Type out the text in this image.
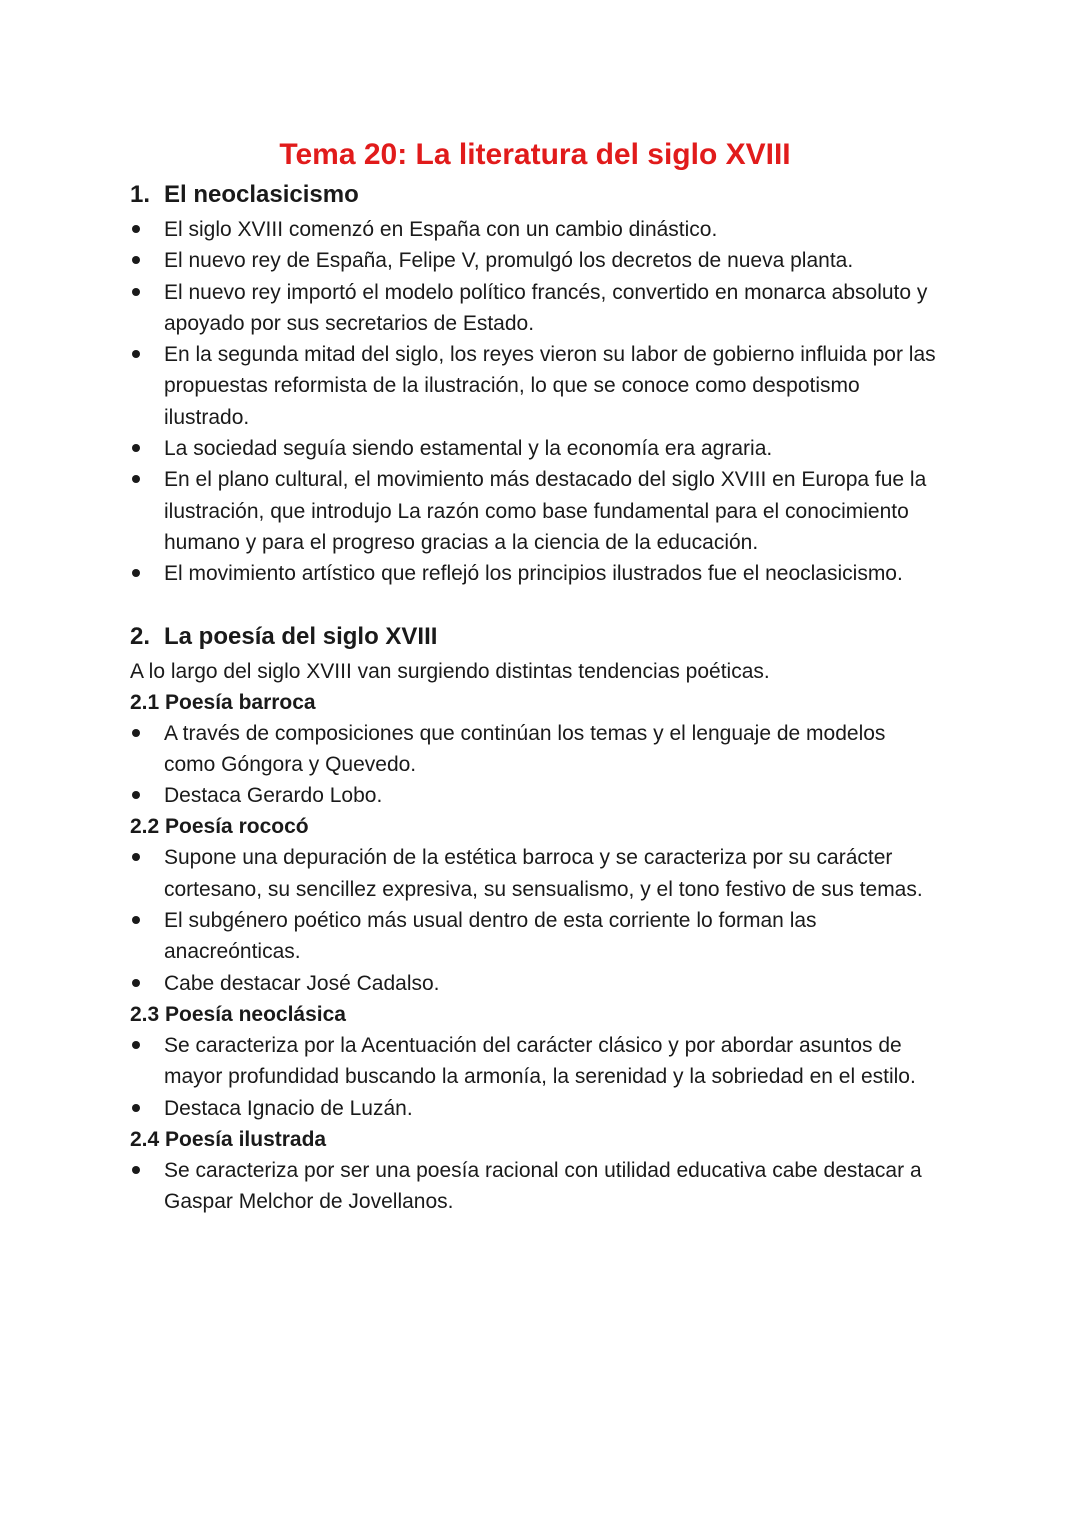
Tema 20: La literatura del siglo XVIII
1. El neoclasicismo
El siglo XVIII comenzó en España con un cambio dinástico.
El nuevo rey de España, Felipe V, promulgó los decretos de nueva planta.
El nuevo rey importó el modelo político francés, convertido en monarca absoluto y apoyado por sus secretarios de Estado.
En la segunda mitad del siglo, los reyes vieron su labor de gobierno influida por las propuestas reformista de la ilustración, lo que se conoce como despotismo ilustrado.
La sociedad seguía siendo estamental y la economía era agraria.
En el plano cultural, el movimiento más destacado del siglo XVIII en Europa fue la ilustración, que introdujo La razón como base fundamental para el conocimiento humano y para el progreso gracias a la ciencia de la educación.
El movimiento artístico que reflejó los principios ilustrados fue el neoclasicismo.
2. La poesía del siglo XVIII

A lo largo del siglo XVIII van surgiendo distintas tendencias poéticas.

2.1 Poesía barroca
A través de composiciones que continúan los temas y el lenguaje de modelos como Góngora y Quevedo.
Destaca Gerardo Lobo.
2.2 Poesía rococó
Supone una depuración de la estética barroca y se caracteriza por su carácter cortesano, su sencillez expresiva, su sensualismo, y el tono festivo de sus temas.
El subgénero poético más usual dentro de esta corriente lo forman las anacreónticas.
Cabe destacar José Cadalso.
2.3 Poesía neoclásica
Se caracteriza por la Acentuación del carácter clásico y por abordar asuntos de mayor profundidad buscando la armonía, la serenidad y la sobriedad en el estilo.
Destaca Ignacio de Luzán.
2.4 Poesía ilustrada
Se caracteriza por ser una poesía racional con utilidad educativa cabe destacar a Gaspar Melchor de Jovellanos.
